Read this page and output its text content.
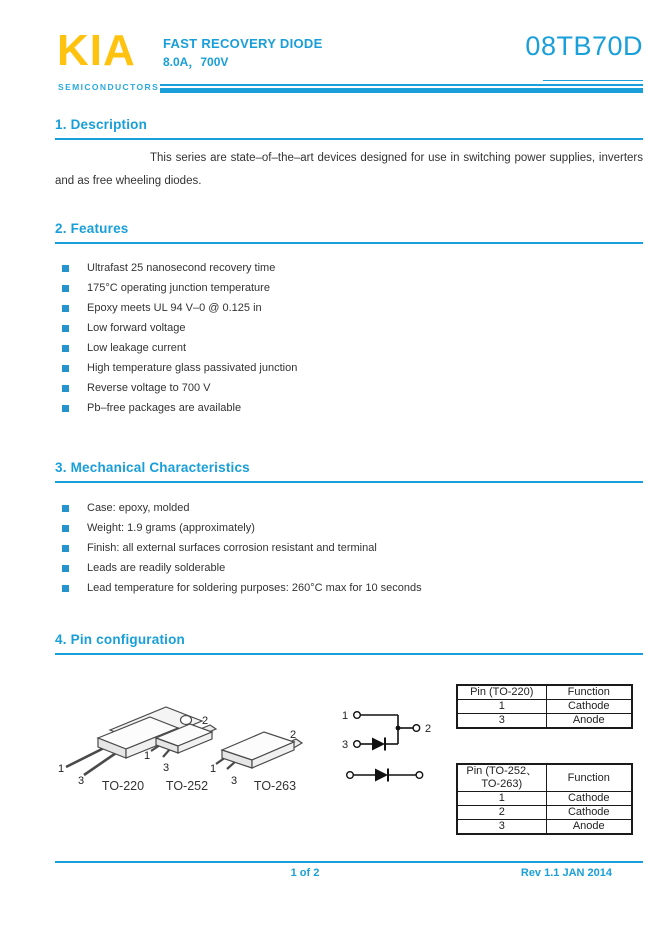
KIA
SEMICONDUCTORS
FAST RECOVERY DIODE
8.0A，700V
08TB70D
1. Description
This series are state–of–the–art devices designed for use in switching power supplies, inverters and as free wheeling diodes.
2. Features
Ultrafast 25 nanosecond recovery time
175°C operating junction temperature
Epoxy meets UL 94 V–0 @ 0.125 in
Low forward voltage
Low leakage current
High temperature glass passivated junction
Reverse voltage to 700 V
Pb–free packages are available
3. Mechanical Characteristics
Case: epoxy, molded
Weight: 1.9 grams (approximately)
Finish: all external surfaces corrosion resistant and terminal
Leads are readily solderable
Lead temperature for soldering purposes: 260°C max for 10 seconds
4. Pin configuration
1
3 TO-220
1
2
3
TO-252
1
2
3 TO-263
1
2
3
Pin (TO-220)	Function
1	Cathode
3	Anode
Pin (TO-252、TO-263)	Function
1	Cathode
2	Cathode
3	Anode
1 of 2	Rev 1.1 JAN 2014
